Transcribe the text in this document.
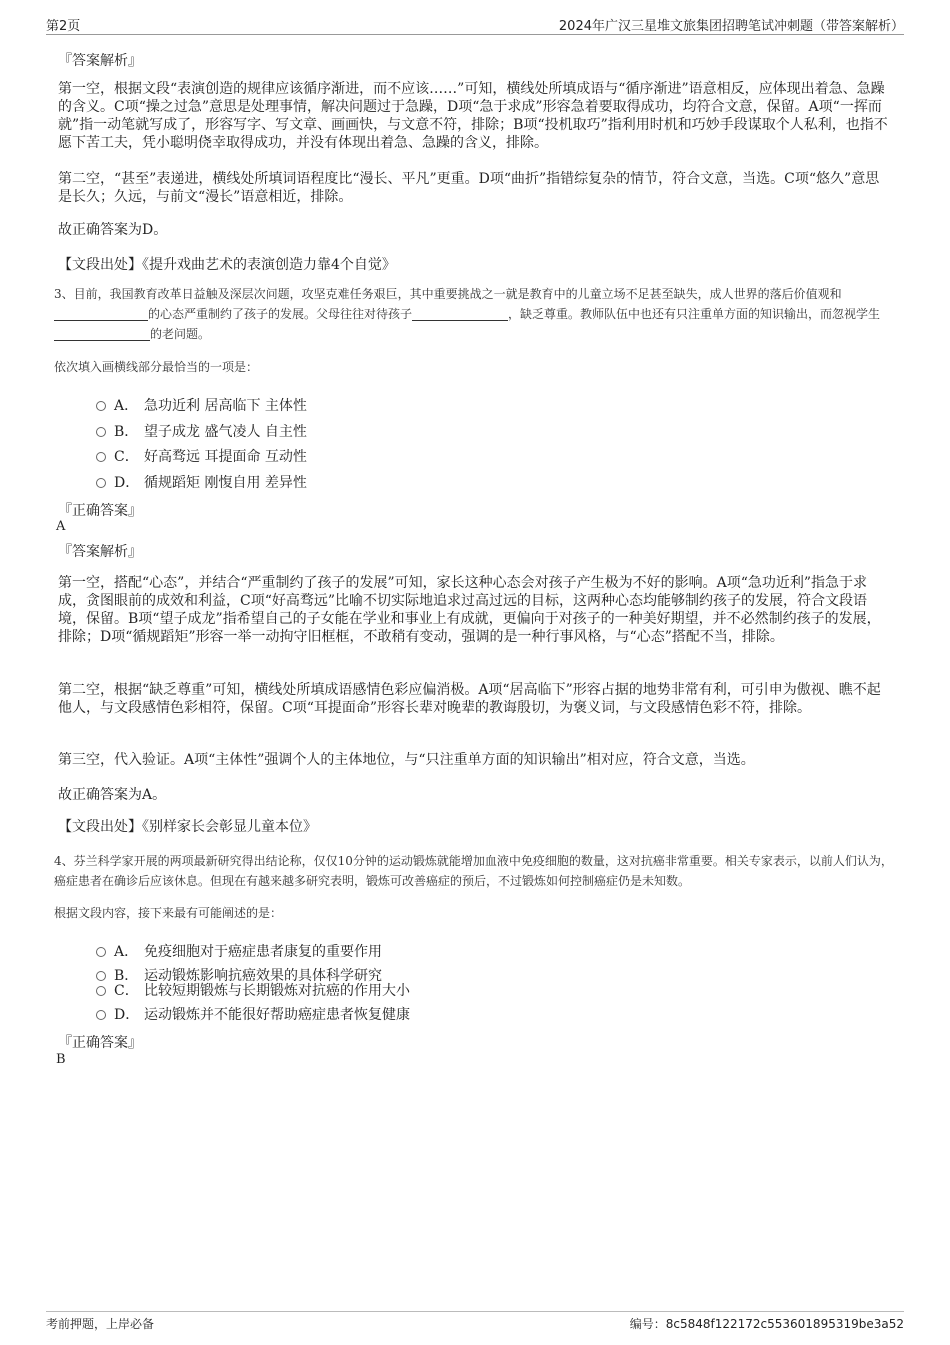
第2页	2024年广汉三星堆文旅集团招聘笔试冲刺题（带答案解析）
『答案解析』

第一空，根据文段“表演创造的规律应该循序渐进，而不应该……”可知，横线处所填成语与“循序渐进”语意相反，应体现出着急、急躁的含义。C项“操之过急”意思是处理事情，解决问题过于急躁，D项“急于求成”形容急着要取得成功，均符合文意，保留。A项“一挥而就”指一动笔就写成了，形容写字、写文章、画画快，与文意不符，排除；B项“投机取巧”指利用时机和巧妙手段谋取个人私利，也指不愿下苦工夫，凭小聪明侥幸取得成功，并没有体现出着急、急躁的含义，排除。

第二空，“甚至”表递进，横线处所填词语程度比“漫长、平凡”更重。D项“曲折”指错综复杂的情节，符合文意，当选。C项“悠久”意思是长久；久远，与前文“漫长”语意相近，排除。

故正确答案为D。

【文段出处】《提升戏曲艺术的表演创造力靠4个自觉》

3、目前，我国教育改革日益触及深层次问题，攻坚克难任务艰巨，其中重要挑战之一就是教育中的儿童立场不足甚至缺失，成人世界的落后价值观和的心态严重制约了孩子的发展。父母往往对待孩子	，缺乏尊重。教师队伍中也还有只注重单方面的知识输出，而忽视学生的老问题。

依次填入画横线部分最恰当的一项是：

A． 急功近利 居高临下 主体性
B． 望子成龙 盛气凌人 自主性
C． 好高骛远 耳提面命 互动性
D． 循规蹈矩 刚愎自用 差异性
『正确答案』
A
『答案解析』

第一空，搭配“心态”，并结合“严重制约了孩子的发展”可知，家长这种心态会对孩子产生极为不好的影响。A项“急功近利”指急于求成，贪图眼前的成效和利益，C项“好高骛远”比喻不切实际地追求过高过远的目标，这两种心态均能够制约孩子的发展，符合文段语境，保留。B项“望子成龙”指希望自己的子女能在学业和事业上有成就，更偏向于对孩子的一种美好期望，并不必然制约孩子的发展，排除；D项“循规蹈矩”形容一举一动拘守旧框框，不敢稍有变动，强调的是一种行事风格，与“心态”搭配不当，排除。

第二空，根据“缺乏尊重”可知，横线处所填成语感情色彩应偏消极。A项“居高临下”形容占据的地势非常有利，可引申为傲视、瞧不起他人，与文段感情色彩相符，保留。C项“耳提面命”形容长辈对晚辈的教诲殷切，为褒义词，与文段感情色彩不符，排除。

第三空，代入验证。A项“主体性”强调个人的主体地位，与“只注重单方面的知识输出”相对应，符合文意，当选。

故正确答案为A。

【文段出处】《别样家长会彰显儿童本位》

4、芬兰科学家开展的两项最新研究得出结论称，仅仅10分钟的运动锻炼就能增加血液中免疫细胞的数量，这对抗癌非常重要。相关专家表示，以前人们认为，癌症患者在确诊后应该休息。但现在有越来越多研究表明，锻炼可改善癌症的预后，不过锻炼如何控制癌症仍是未知数。

根据文段内容，接下来最有可能阐述的是：

A． 免疫细胞对于癌症患者康复的重要作用
B． 运动锻炼影响抗癌效果的具体科学研究
C． 比较短期锻炼与长期锻炼对抗癌的作用大小
D． 运动锻炼并不能很好帮助癌症患者恢复健康
『正确答案』
B
考前押题，上岸必备	编号：8c5848f122172c553601895319be3a52
